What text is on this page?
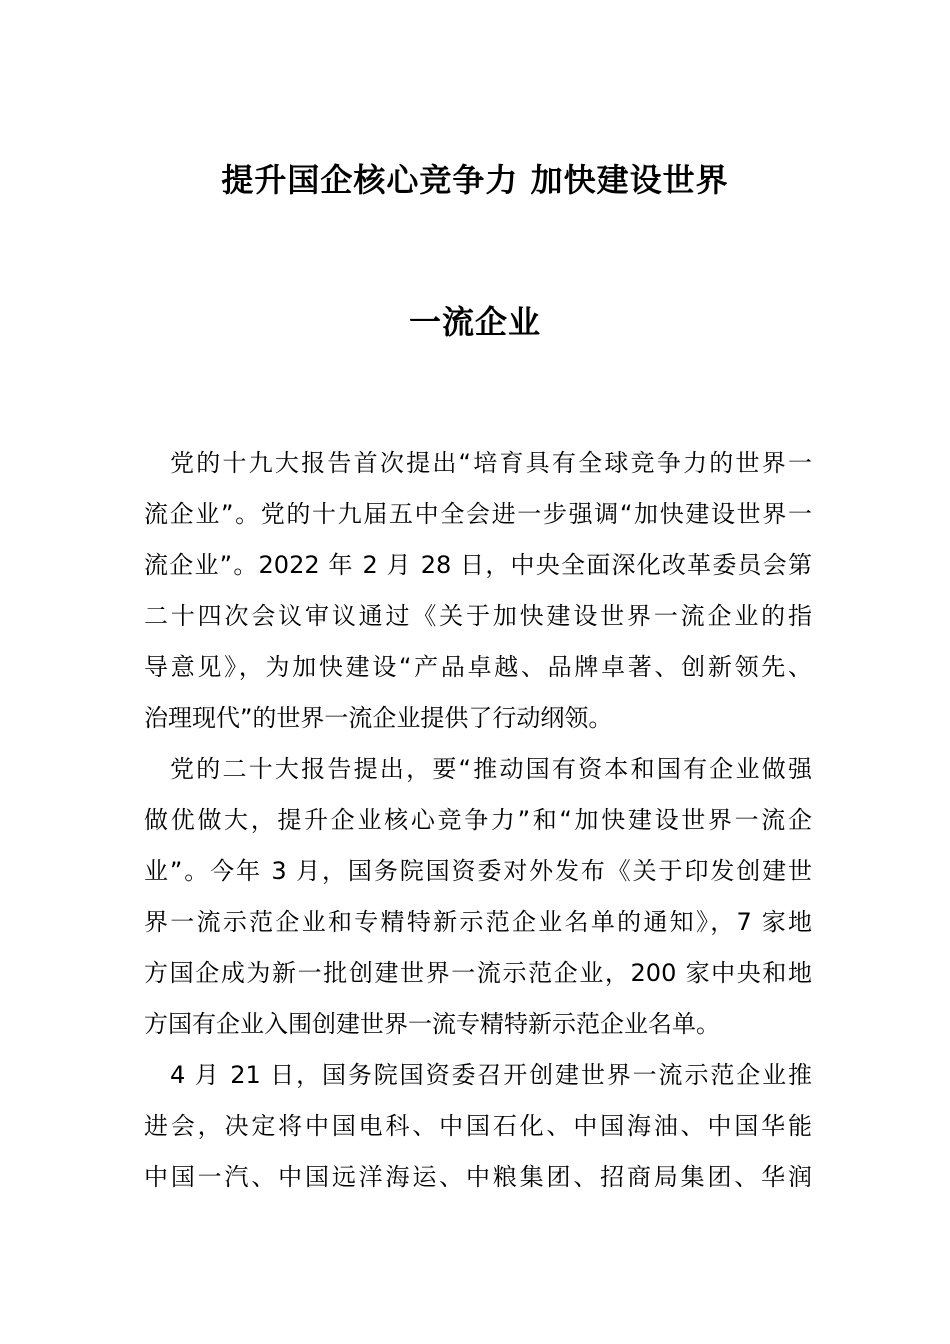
提升国企核心竞争力 加快建设世界
一流企业
党的十九大报告首次提出“培育具有全球竞争力的世界一
流企业”。党的十九届五中全会进一步强调“加快建设世界一
流企业”。2022 年 2 月 28 日，中央全面深化改革委员会第
二十四次会议审议通过《关于加快建设世界一流企业的指
导意见》，为加快建设“产品卓越、品牌卓著、创新领先、
治理现代”的世界一流企业提供了行动纲领。
党的二十大报告提出，要“推动国有资本和国有企业做强
做优做大，提升企业核心竞争力”和“加快建设世界一流企
业”。今年 3 月，国务院国资委对外发布《关于印发创建世
界一流示范企业和专精特新示范企业名单的通知》，7 家地
方国企成为新一批创建世界一流示范企业，200 家中央和地
方国有企业入围创建世界一流专精特新示范企业名单。
4 月 21 日，国务院国资委召开创建世界一流示范企业推
进会，决定将中国电科、中国石化、中国海油、中国华能
中国一汽、中国远洋海运、中粮集团、招商局集团、华润
